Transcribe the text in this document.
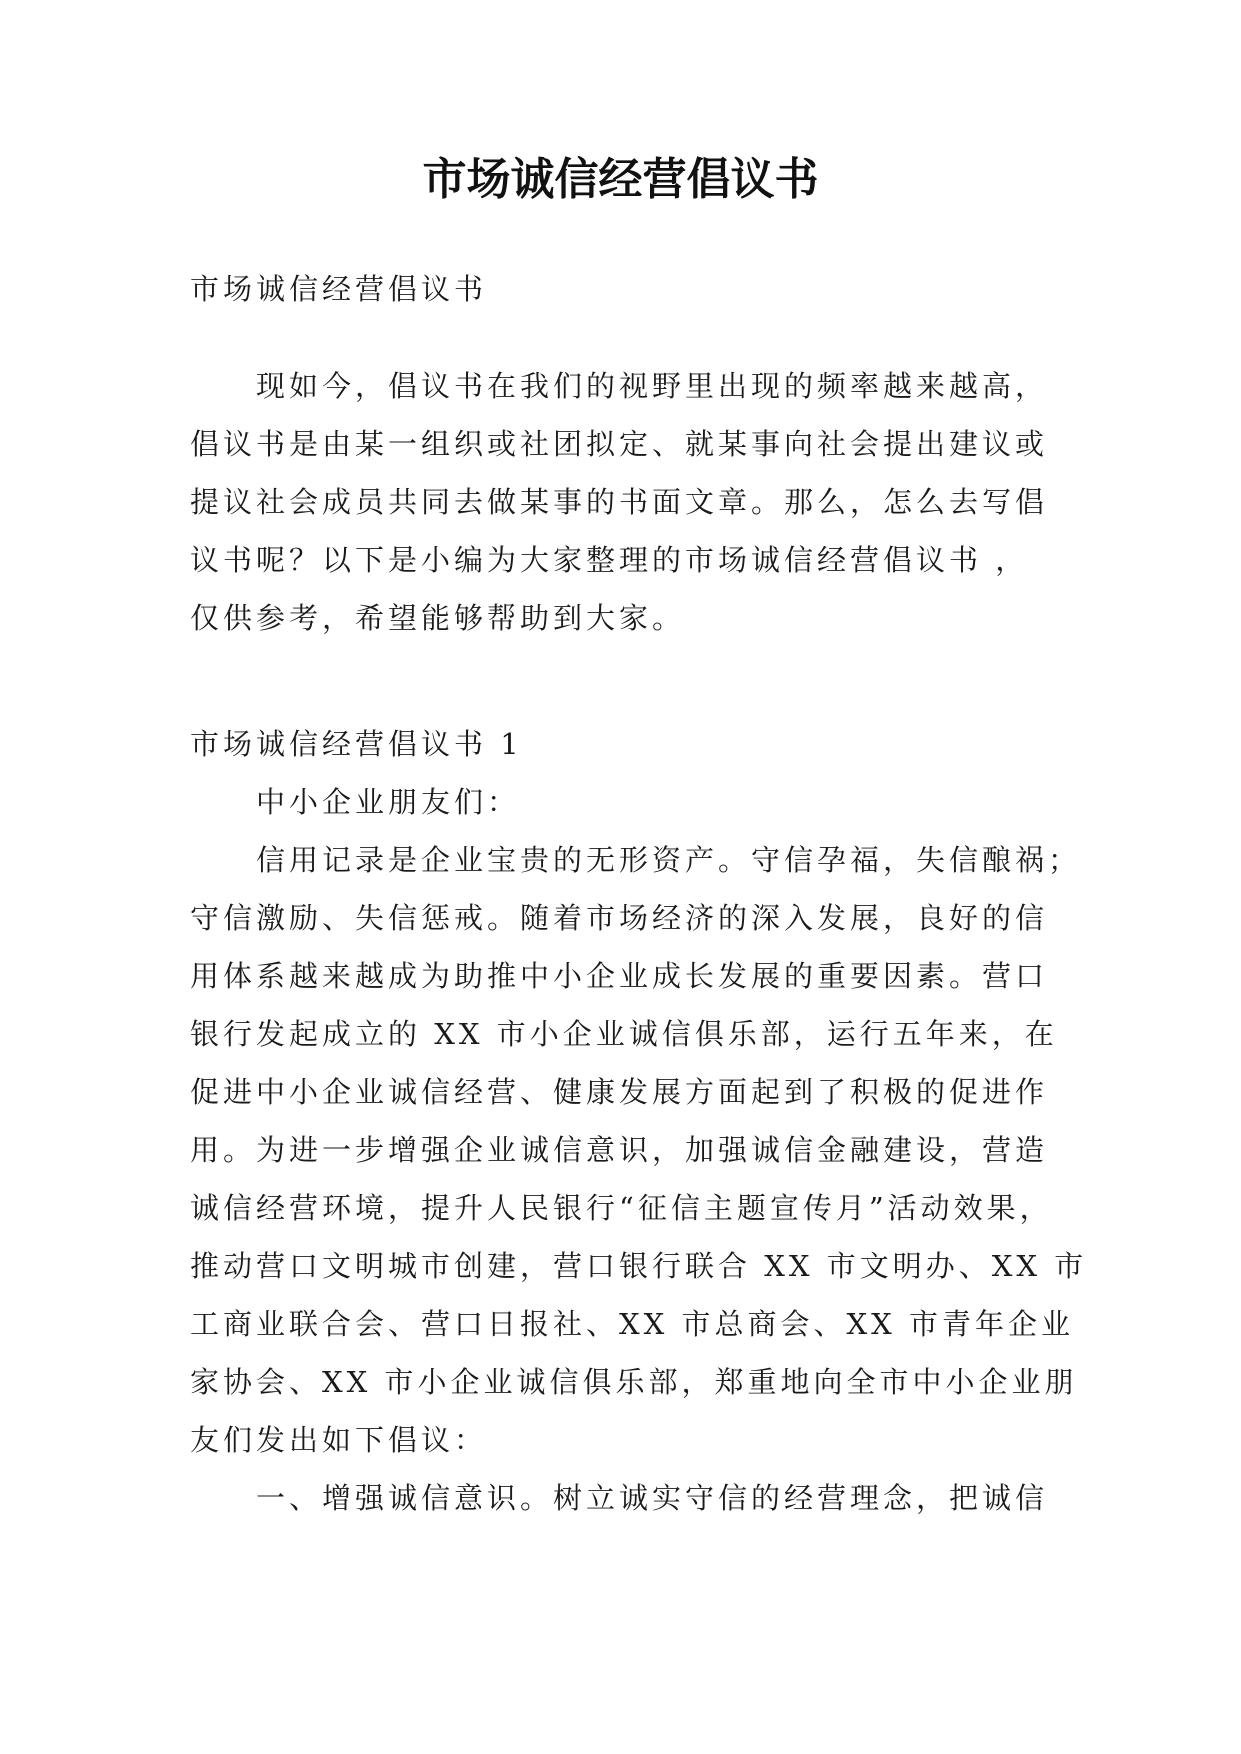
市场诚信经营倡议书
市场诚信经营倡议书
现如今，倡议书在我们的视野里出现的频率越来越高，
倡议书是由某一组织或社团拟定、就某事向社会提出建议或
提议社会成员共同去做某事的书面文章。那么，怎么去写倡
议书呢？以下是小编为大家整理的市场诚信经营倡议书 ，
仅供参考，希望能够帮助到大家。
市场诚信经营倡议书 1
中小企业朋友们：
信用记录是企业宝贵的无形资产。守信孕福，失信酿祸；
守信激励、失信惩戒。随着市场经济的深入发展，良好的信
用体系越来越成为助推中小企业成长发展的重要因素。营口
银行发起成立的 XX 市小企业诚信俱乐部，运行五年来，在
促进中小企业诚信经营、健康发展方面起到了积极的促进作
用。为进一步增强企业诚信意识，加强诚信金融建设，营造
诚信经营环境，提升人民银行“征信主题宣传月”活动效果，
推动营口文明城市创建，营口银行联合 XX 市文明办、XX 市
工商业联合会、营口日报社、XX 市总商会、XX 市青年企业
家协会、XX 市小企业诚信俱乐部，郑重地向全市中小企业朋
友们发出如下倡议：
一、增强诚信意识。树立诚实守信的经营理念，把诚信
